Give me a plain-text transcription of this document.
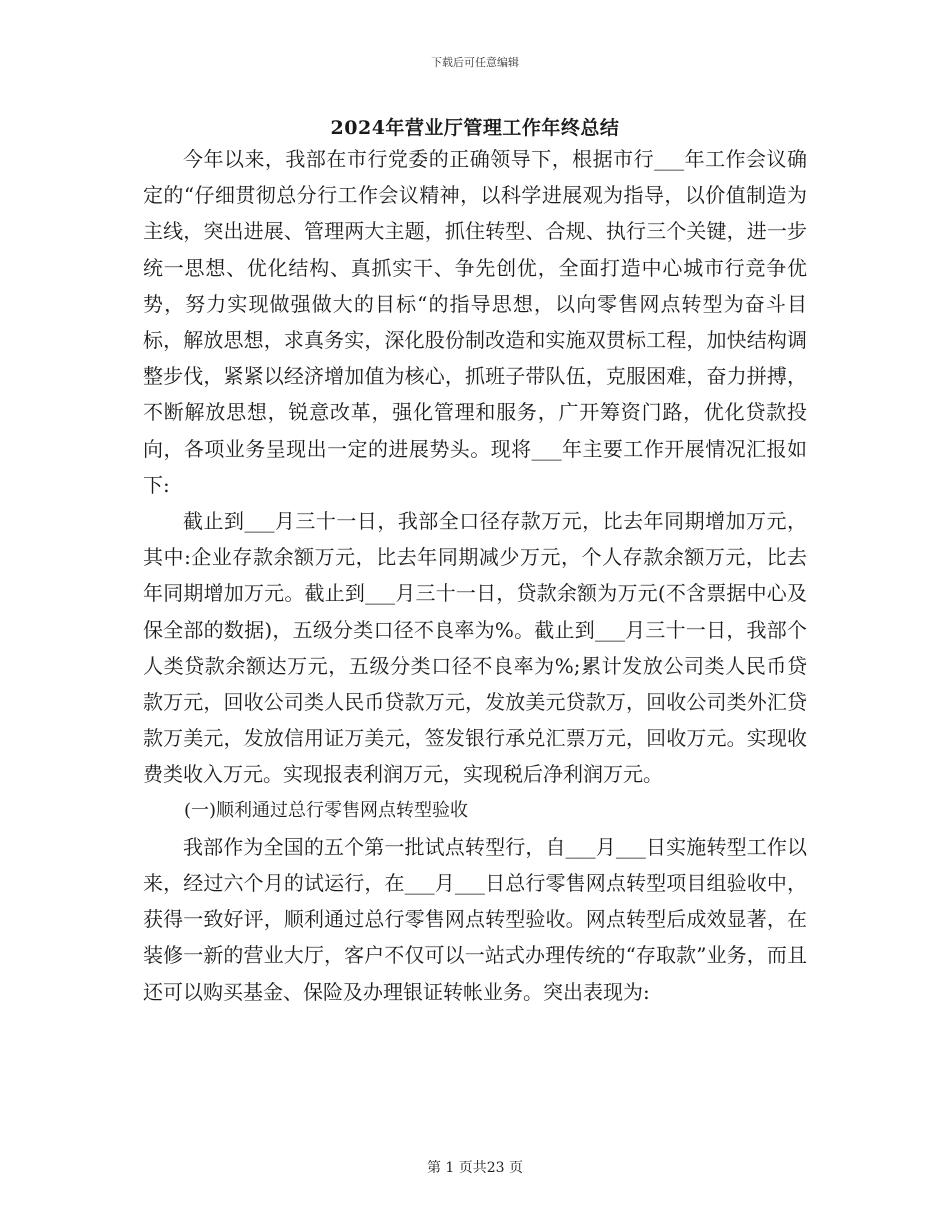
下载后可任意编辑
2024年营业厅管理工作年终总结

今年以来，我部在市行党委的正确领导下，根据市行___年工作会议确定的“仔细贯彻总分行工作会议精神，以科学进展观为指导，以价值制造为主线，突出进展、管理两大主题，抓住转型、合规、执行三个关键，进一步统一思想、优化结构、真抓实干、争先创优，全面打造中心城市行竞争优势，努力实现做强做大的目标“的指导思想，以向零售网点转型为奋斗目标，解放思想，求真务实，深化股份制改造和实施双贯标工程，加快结构调整步伐，紧紧以经济增加值为核心，抓班子带队伍，克服困难，奋力拼搏，不断解放思想，锐意改革，强化管理和服务，广开筹资门路，优化贷款投向，各项业务呈现出一定的进展势头。现将___年主要工作开展情况汇报如下:

截止到___月三十一日，我部全口径存款万元，比去年同期增加万元，其中:企业存款余额万元，比去年同期减少万元，个人存款余额万元，比去年同期增加万元。截止到___月三十一日，贷款余额为万元(不含票据中心及保全部的数据)，五级分类口径不良率为%。截止到___月三十一日，我部个人类贷款余额达万元，五级分类口径不良率为%;累计发放公司类人民币贷款万元，回收公司类人民币贷款万元，发放美元贷款万，回收公司类外汇贷款万美元，发放信用证万美元，签发银行承兑汇票万元，回收万元。实现收费类收入万元。实现报表利润万元，实现税后净利润万元。

(一)顺利通过总行零售网点转型验收

我部作为全国的五个第一批试点转型行，自___月___日实施转型工作以来，经过六个月的试运行，在___月___日总行零售网点转型项目组验收中，获得一致好评，顺利通过总行零售网点转型验收。网点转型后成效显著，在装修一新的营业大厅，客户不仅可以一站式办理传统的“存取款”业务，而且还可以购买基金、保险及办理银证转帐业务。突出表现为:

第 1 页共23 页
